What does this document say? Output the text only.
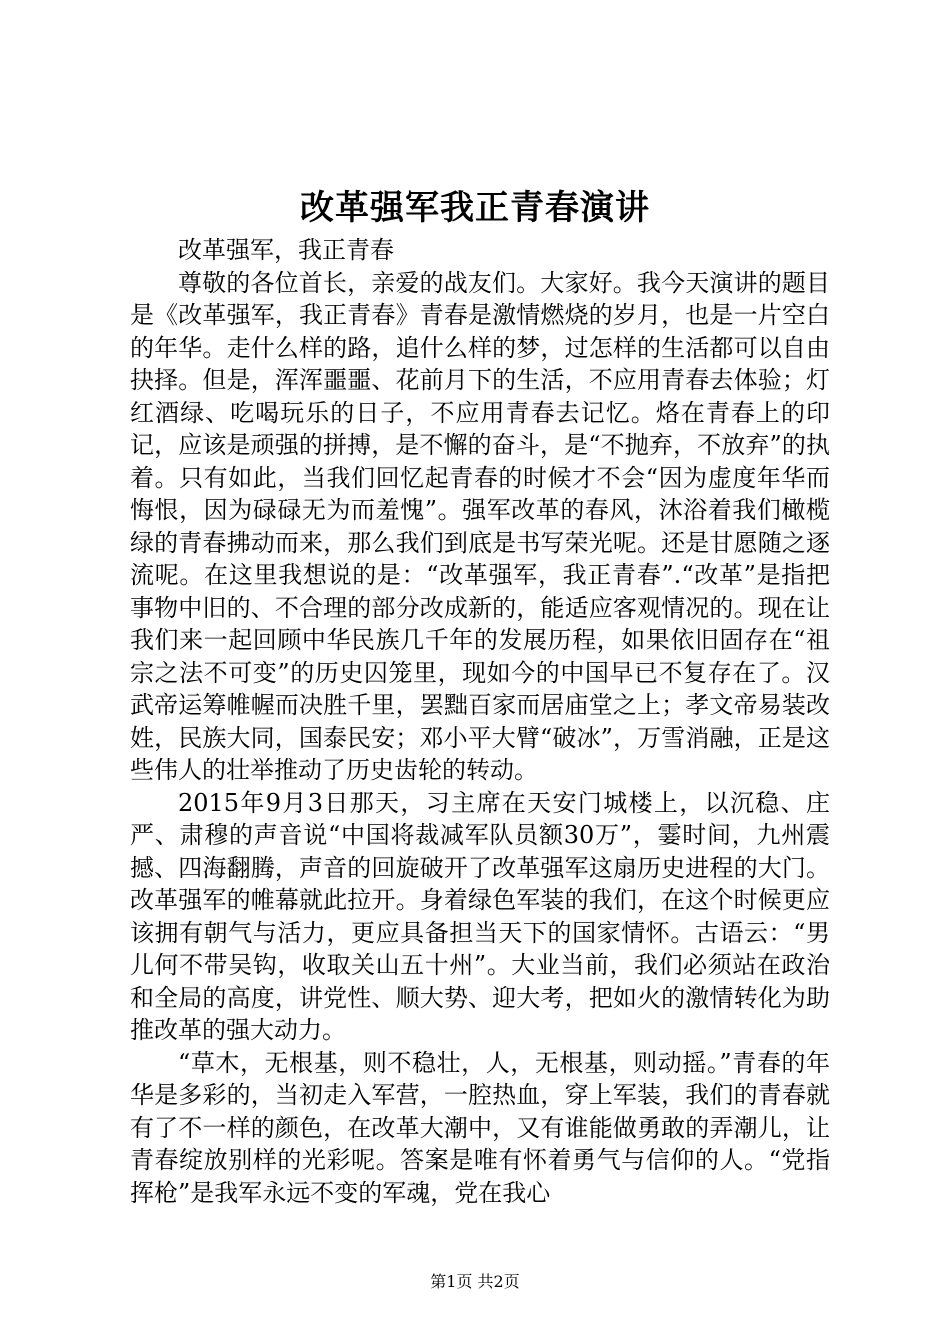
改革强军我正青春演讲

改革强军，我正青春

尊敬的各位首长，亲爱的战友们。大家好。我今天演讲的题目是《改革强军，我正青春》青春是激情燃烧的岁月，也是一片空白的年华。走什么样的路，追什么样的梦，过怎样的生活都可以自由抉择。但是，浑浑噩噩、花前月下的生活，不应用青春去体验；灯红酒绿、吃喝玩乐的日子，不应用青春去记忆。烙在青春上的印记，应该是顽强的拼搏，是不懈的奋斗，是“不抛弃，不放弃”的执着。只有如此，当我们回忆起青春的时候才不会“因为虚度年华而悔恨，因为碌碌无为而羞愧”。强军改革的春风，沐浴着我们橄榄绿的青春拂动而来，那么我们到底是书写荣光呢。还是甘愿随之逐流呢。在这里我想说的是：“改革强军，我正青春”.“改革”是指把事物中旧的、不合理的部分改成新的，能适应客观情况的。现在让我们来一起回顾中华民族几千年的发展历程，如果依旧固存在“祖宗之法不可变”的历史囚笼里，现如今的中国早已不复存在了。汉武帝运筹帷幄而决胜千里，罢黜百家而居庙堂之上；孝文帝易装改姓，民族大同，国泰民安；邓小平大臂“破冰”，万雪消融，正是这些伟人的壮举推动了历史齿轮的转动。

2015年9月3日那天，习主席在天安门城楼上，以沉稳、庄严、肃穆的声音说“中国将裁减军队员额30万”，霎时间，九州震撼、四海翻腾，声音的回旋破开了改革强军这扇历史进程的大门。改革强军的帷幕就此拉开。身着绿色军装的我们，在这个时候更应该拥有朝气与活力，更应具备担当天下的国家情怀。古语云：“男儿何不带吴钩，收取关山五十州”。大业当前，我们必须站在政治和全局的高度，讲党性、顺大势、迎大考，把如火的激情转化为助推改革的强大动力。

“草木，无根基，则不稳壮，人，无根基，则动摇。”青春的年华是多彩的，当初走入军营，一腔热血，穿上军装，我们的青春就有了不一样的颜色，在改革大潮中，又有谁能做勇敢的弄潮儿，让青春绽放别样的光彩呢。答案是唯有怀着勇气与信仰的人。“党指挥枪”是我军永远不变的军魂，党在我心

第1页 共2页
